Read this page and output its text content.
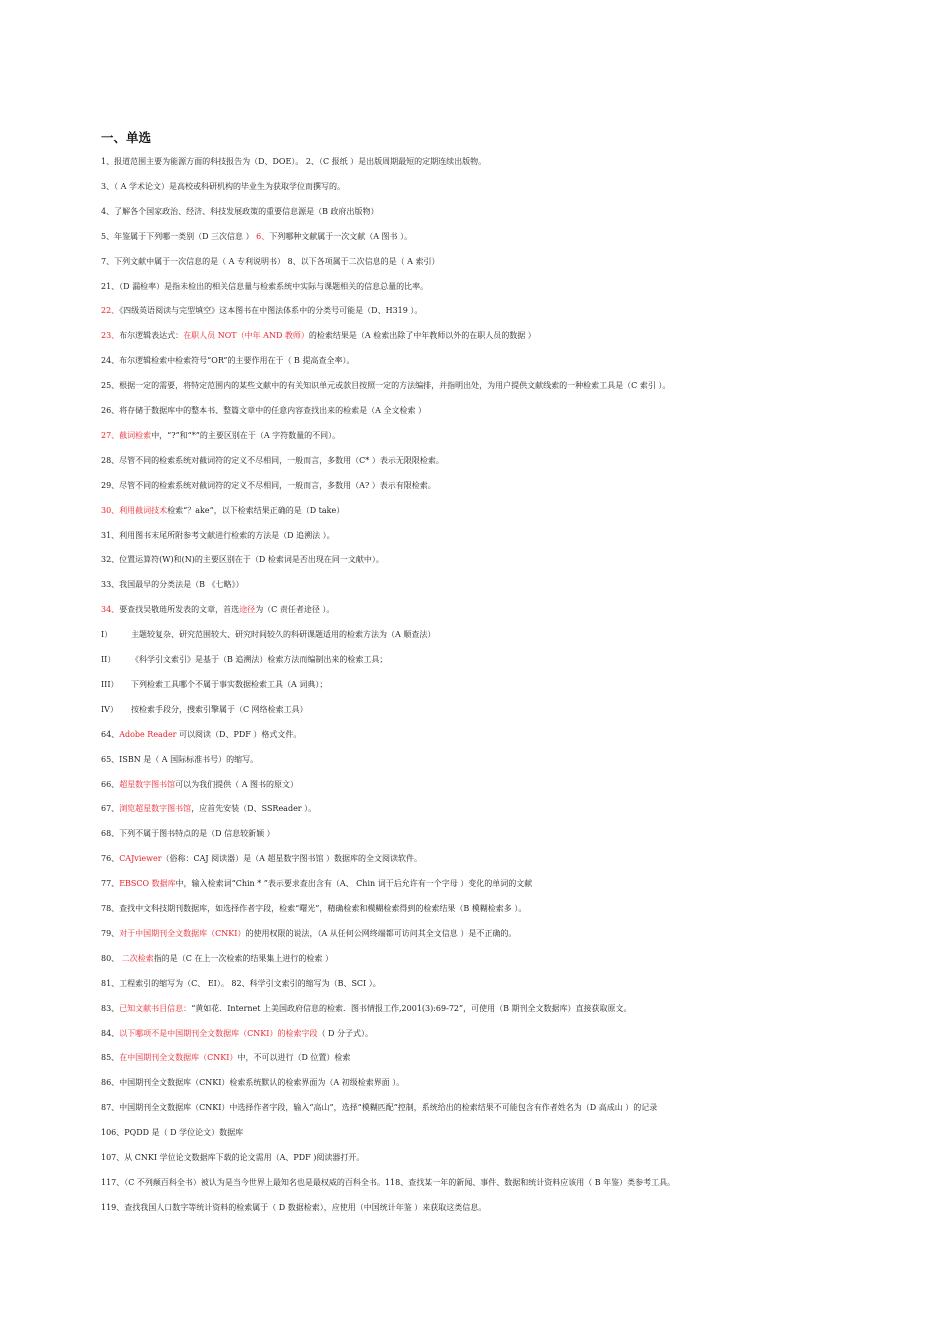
一、单选
1、报道范围主要为能源方面的科技报告为（D、DOE）。 2、（C 报纸 ）是出版周期最短的定期连续出版物。
3、（ A 学术论文）是高校或科研机构的毕业生为获取学位而撰写的。
4、了解各个国家政治、经济、科技发展政策的重要信息源是（B 政府出版物）
5、年鉴属于下列哪一类别（D 三次信息 ） 6、下列哪种文献属于一次文献（A 图书 ）。
7、下列文献中属于一次信息的是（ A 专利说明书） 8、以下各项属于二次信息的是（ A 索引）
21、（D 漏检率）是指未检出的相关信息量与检索系统中实际与课题相关的信息总量的比率。
22、《四级英语阅读与完型填空》这本图书在中图法体系中的分类号可能是（D、H319 ）。
23、布尔逻辑表达式：在职人员 NOT（中年 AND 教师）的检索结果是（A 检索出除了中年教师以外的在职人员的数据 ）
24、布尔逻辑检索中检索符号“OR”的主要作用在于（ B 提高查全率）。
25、根据一定的需要，将特定范围内的某些文献中的有关知识单元或款目按照一定的方法编排，并指明出处，为用户提供文献线索的一种检索工具是（C 索引 ）。
26、将存储于数据库中的整本书、整篇文章中的任意内容查找出来的检索是（A 全文检索 ）
27、截词检索中，“?”和“*”的主要区别在于（A 字符数量的不同）。
28、尽管不同的检索系统对截词符的定义不尽相同，一般而言，多数用（C* ）表示无限限检索。
29、尽管不同的检索系统对截词符的定义不尽相同，一般而言，多数用（A? ）表示有限检索。
30、利用截词技术检索“？ake”，以下检索结果正确的是（D take）
31、利用图书末尾所附参考文献进行检索的方法是（D 追溯法 ）。
32、位置运算符(W)和(N)的主要区别在于（D 检索词是否出现在同一文献中）。
33、我国最早的分类法是（B 《七略》）
34、要查找吴敬琏所发表的文章，首选途径为（C 责任者途径 ）。
I） 主题较复杂、研究范围较大、研究时间较久的科研课题适用的检索方法为（A 顺查法）
II） 《科学引文索引》是基于（B 追溯法）检索方法而编制出来的检索工具；
III） 下列检索工具哪个不属于事实数据检索工具（A 词典）；
IV） 按检索手段分，搜索引擎属于（C 网络检索工具）
64、Adobe Reader 可以阅读（D、PDF ）格式文件。
65、ISBN 是（ A 国际标准书号）的缩写。
66、超星数字图书馆可以为我们提供（ A 图书的原文）
67、浏览超星数字图书馆，应首先安装（D、SSReader ）。
68、下列不属于图书特点的是（D 信息较新颖 ）
76、CAJviewer（俗称：CAJ 阅读器）是（A 超星数字图书馆 ）数据库的全文阅读软件。
77、EBSCO 数据库中，输入检索词“Chin * ”表示要求查出含有（A、 Chin 词干后允许有一个字母 ）变化的单词的文献
78、查找中文科技期刊数据库，如选择作者字段，检索“曙光”，精确检索和模糊检索得到的检索结果（B 模糊检索多 ）。
79、对于中国期刊全文数据库（CNKI）的使用权限的说法，（A 从任何公网终端都可访问其全文信息 ）是不正确的。
80、 二次检索指的是（C 在上一次检索的结果集上进行的检索 ）
81、工程索引的缩写为（C、 EI）。 82、科学引文索引的缩写为（B、SCI ）。
83、已知文献书目信息：“黄如花．Internet 上美国政府信息的检索．图书情报工作,2001(3):69-72”，可使用（B 期刊全文数据库）直接获取原文。
84、以下哪项不是中国期刊全文数据库（CNKI）的检索字段（ D 分子式）。
85、在中国期刊全文数据库（CNKI）中，不可以进行（D 位置）检索
86、中国期刊全文数据库（CNKI）检索系统默认的检索界面为（A 初级检索界面 ）。
87、中国期刊全文数据库（CNKI）中选择作者字段，输入“高山”，选择“模糊匹配”控制，系统给出的检索结果不可能包含有作者姓名为（D 高成山 ）的记录
106、PQDD 是（ D 学位论文）数据库
107、从 CNKI 学位论文数据库下载的论文需用（A、PDF )阅读器打开。
117、（C 不列颠百科全书）被认为是当今世界上最知名也是最权威的百科全书。118、查找某一年的新闻、事件、数据和统计资料应该用（ B 年鉴）类参考工具。
119、查找我国人口数字等统计资料的检索属于（ D 数据检索），应使用（中国统计年鉴 ）来获取这类信息。
